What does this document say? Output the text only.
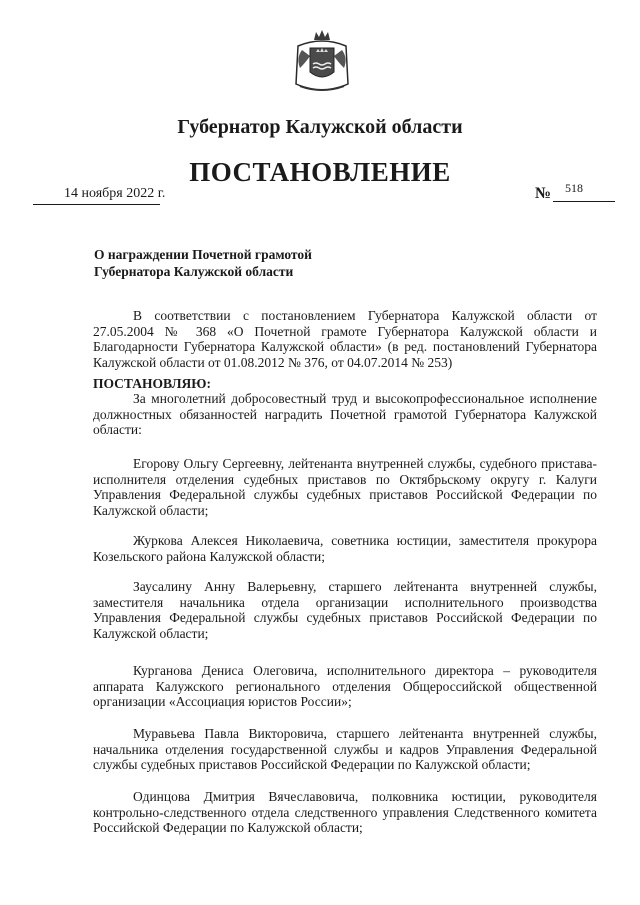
Губернатор Калужской области
ПОСТАНОВЛЕНИЕ
14 ноября 2022 г.	№ 518
О награждении Почетной грамотой
Губернатора Калужской области
В соответствии с постановлением Губернатора Калужской области от 27.05.2004 № 368 «О Почетной грамоте Губернатора Калужской области и Благодарности Губернатора Калужской области» (в ред. постановлений Губернатора Калужской области от 01.08.2012 № 376, от 04.07.2014 № 253)
ПОСТАНОВЛЯЮ:
За многолетний добросовестный труд и высокопрофессиональное исполнение должностных обязанностей наградить Почетной грамотой Губернатора Калужской области:
Егорову Ольгу Сергеевну, лейтенанта внутренней службы, судебного пристава-исполнителя отделения судебных приставов по Октябрьскому округу г. Калуги Управления Федеральной службы судебных приставов Российской Федерации по Калужской области;
Журкова Алексея Николаевича, советника юстиции, заместителя прокурора Козельского района Калужской области;
Заусалину Анну Валерьевну, старшего лейтенанта внутренней службы, заместителя начальника отдела организации исполнительного производства Управления Федеральной службы судебных приставов Российской Федерации по Калужской области;
Курганова Дениса Олеговича, исполнительного директора – руководителя аппарата Калужского регионального отделения Общероссийской общественной организации «Ассоциация юристов России»;
Муравьева Павла Викторовича, старшего лейтенанта внутренней службы, начальника отделения государственной службы и кадров Управления Федеральной службы судебных приставов Российской Федерации по Калужской области;
Одинцова Дмитрия Вячеславовича, полковника юстиции, руководителя контрольно-следственного отдела следственного управления Следственного комитета Российской Федерации по Калужской области;
